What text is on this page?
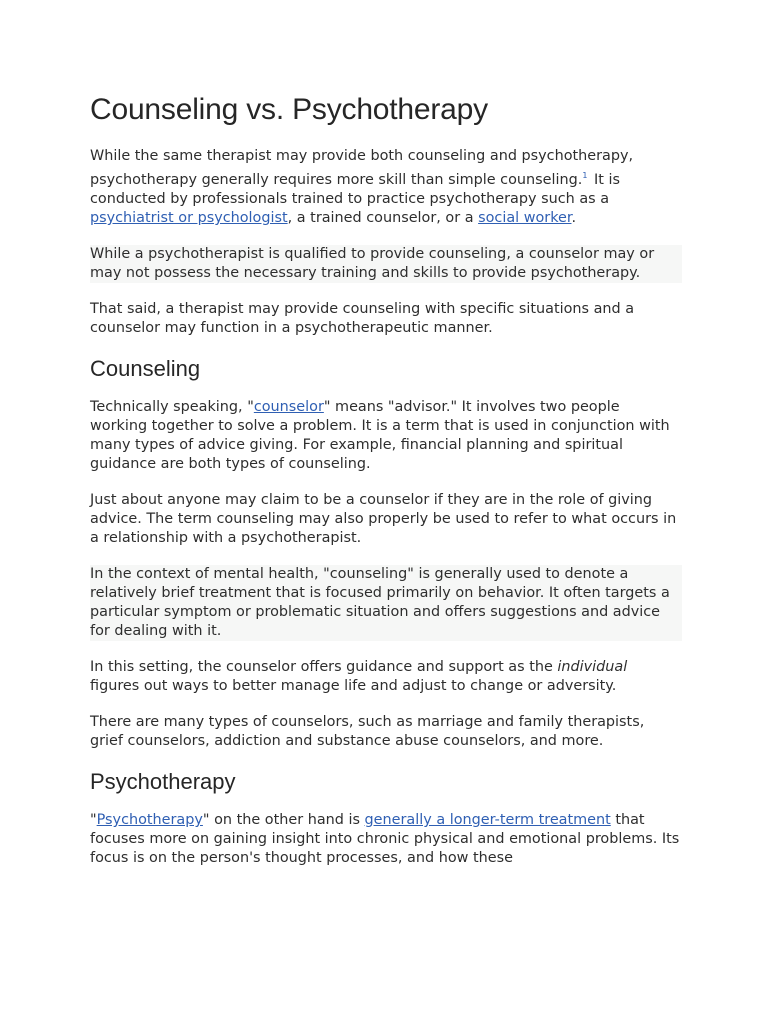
Counseling vs. Psychotherapy

While the same therapist may provide both counseling and psychotherapy, psychotherapy generally requires more skill than simple counseling.$^1$ It is conducted by professionals trained to practice psychotherapy such as a psychiatrist or psychologist, a trained counselor, or a social worker.

While a psychotherapist is qualified to provide counseling, a counselor may or may not possess the necessary training and skills to provide psychotherapy.

That said, a therapist may provide counseling with specific situations and a counselor may function in a psychotherapeutic manner.

Counseling

Technically speaking, "counselor" means "advisor." It involves two people working together to solve a problem. It is a term that is used in conjunction with many types of advice giving. For example, financial planning and spiritual guidance are both types of counseling.

Just about anyone may claim to be a counselor if they are in the role of giving advice. The term counseling may also properly be used to refer to what occurs in a relationship with a psychotherapist.

In the context of mental health, "counseling" is generally used to denote a relatively brief treatment that is focused primarily on behavior. It often targets a particular symptom or problematic situation and offers suggestions and advice for dealing with it.

In this setting, the counselor offers guidance and support as the individual figures out ways to better manage life and adjust to change or adversity.

There are many types of counselors, such as marriage and family therapists, grief counselors, addiction and substance abuse counselors, and more.

Psychotherapy

"Psychotherapy" on the other hand is generally a longer-term treatment that focuses more on gaining insight into chronic physical and emotional problems. Its focus is on the person's thought processes, and how these
